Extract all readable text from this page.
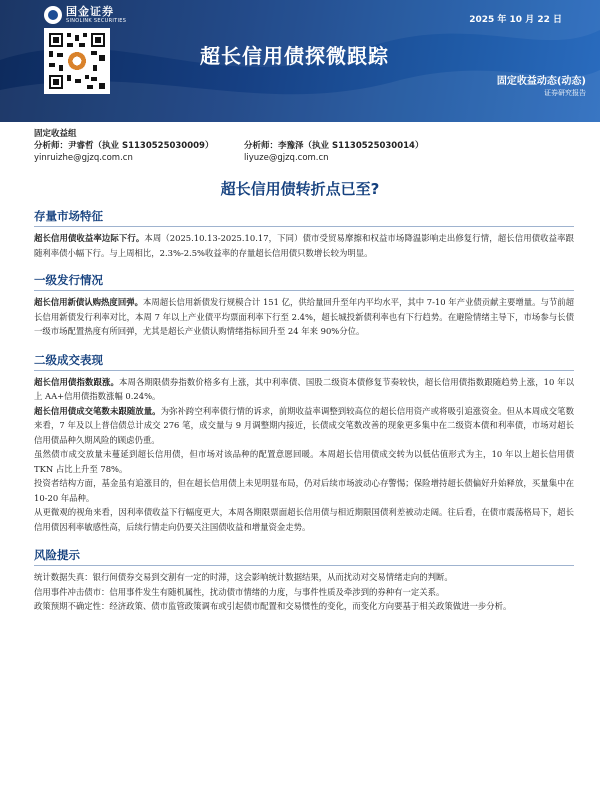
国金证券
SINOLINK SECURITIES	2025 年 10 月 22 日
超长信用债探微跟踪
固定收益动态(动态)
证券研究报告
固定收益组
分析师：尹睿哲（执业 S1130525030009）	分析师：李豫泽（执业 S1130525030014）
yinruizhe@gjzq.com.cn	liyuze@gjzq.com.cn
超长信用债转折点已至?
存量市场特征

超长信用债收益率边际下行。本周（2025.10.13-2025.10.17，下同）债市受贸易摩擦和权益市场降温影响走出修复行情，超长信用债收益率跟随利率债小幅下行。与上周相比，2.3%-2.5%收益率的存量超长信用债只数增长较为明显。

一级发行情况

超长信用新债认购热度回弹。本周超长信用新债发行规模合计 151 亿，供给量回升至年内平均水平，其中 7-10 年产业债贡献主要增量。与节前超长信用新债发行利率对比，本周 7 年以上产业债平均票面利率下行至 2.4%，超长城投新债利率也有下行趋势。在避险情绪主导下，市场参与长债一级市场配置热度有所回弹，尤其是超长产业债认购情绪指标回升至 24 年来 90%分位。

二级成交表现

超长信用债指数跟涨。本周各期限债券指数价格多有上涨，其中利率债、国股二级资本债修复节奏较快，超长信用债指数跟随趋势上涨，10 年以上 AA+信用债指数涨幅 0.24%。

超长信用债成交笔数未跟随放量。为弥补跨空利率债行情的诉求，前期收益率调整到较高位的超长信用资产或将吸引追涨资金。但从本周成交笔数来看，7 年及以上普信债总计成交 276 笔，成交量与 9 月调整期内接近，长债成交笔数改善的现象更多集中在二级资本债和利率债，市场对超长信用债品种久期风险的顾虑仍重。

虽然债市成交放量未蔓延到超长信用债，但市场对该品种的配置意愿回暖。本周超长信用债成交转为以低估值形式为主，10 年以上超长信用债 TKN 占比上升至 78%。

投资者结构方面，基金虽有追涨目的，但在超长信用债上未见明显布局，仍对后续市场波动心存警惕；保险增持超长债偏好升始释放，买量集中在 10-20 年品种。

从更微观的视角来看，因利率债收益下行幅度更大，本周各期限票面超长信用债与相近期限国债利差被动走阔。往后看，在债市震荡格局下，超长信用债因利率敏感性高，后续行情走向仍要关注国债收益和增量资金走势。

风险提示

统计数据失真：银行间债券交易到交割有一定的时滞，这会影响统计数据结果，从而扰动对交易情绪走向的判断。

信用事件冲击债市：信用事件发生有随机属性，扰动债市情绪的力度，与事件性质及牵涉到的券种有一定关系。

政策预期不确定性：经济政策、债市监管政策调布或引起债市配置和交易惯性的变化，而变化方向要基于相关政策做进一步分析。
